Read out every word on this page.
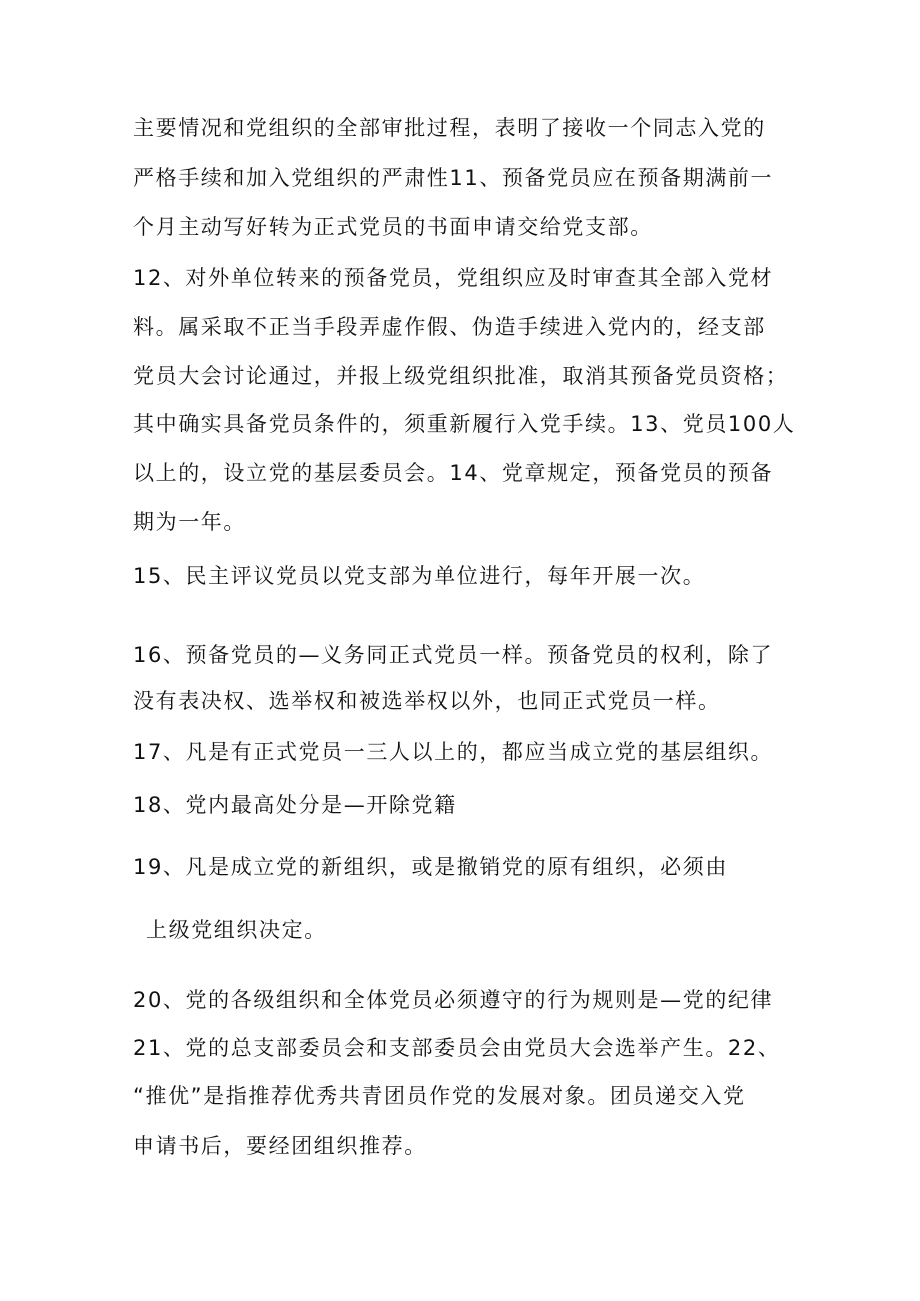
主要情况和党组织的全部审批过程，表明了接收一个同志入党的
严格手续和加入党组织的严肃性11、预备党员应在预备期满前一
个月主动写好转为正式党员的书面申请交给党支部。
12、对外单位转来的预备党员，党组织应及时审查其全部入党材
料。属采取不正当手段弄虚作假、伪造手续进入党内的，经支部
党员大会讨论通过，并报上级党组织批准，取消其预备党员资格；
其中确实具备党员条件的，须重新履行入党手续。13、党员100人
以上的，设立党的基层委员会。14、党章规定，预备党员的预备
期为一年。
15、民主评议党员以党支部为单位进行，每年开展一次。
16、预备党员的—义务同正式党员一样。预备党员的权利，除了
没有表决权、选举权和被选举权以外，也同正式党员一样。
17、凡是有正式党员一三人以上的，都应当成立党的基层组织。
18、党内最高处分是—开除党籍
19、凡是成立党的新组织，或是撤销党的原有组织，必须由
上级党组织决定。
20、党的各级组织和全体党员必须遵守的行为规则是—党的纪律
21、党的总支部委员会和支部委员会由党员大会选举产生。22、
“推优”是指推荐优秀共青团员作党的发展对象。团员递交入党
申请书后，要经团组织推荐。
